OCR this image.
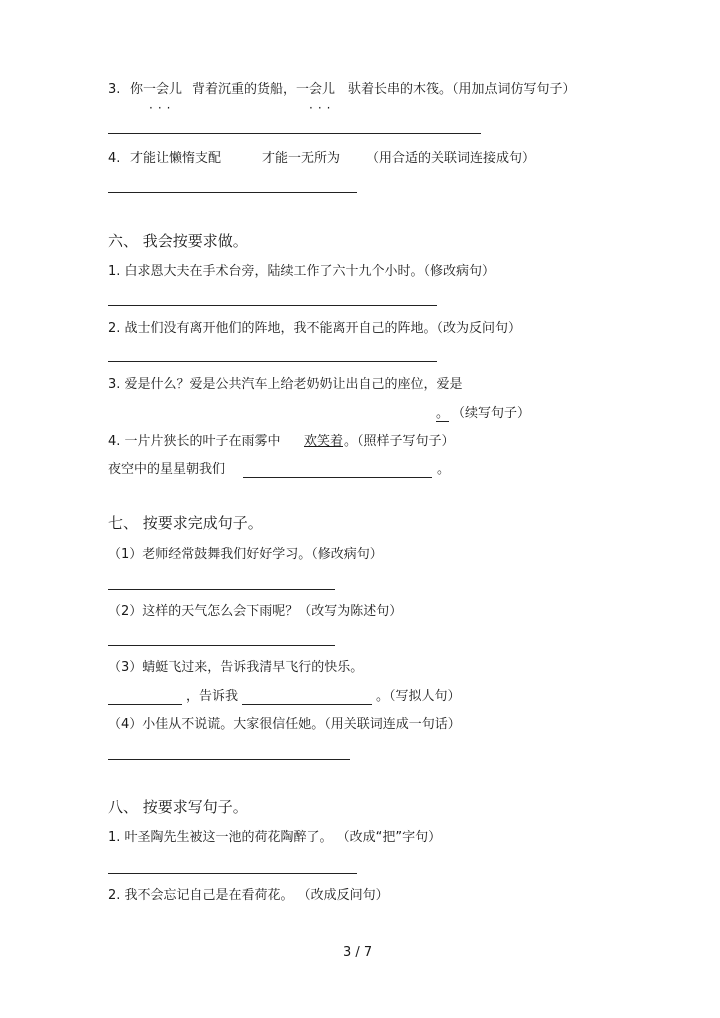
3. 你一会儿 背着沉重的货船，一会儿 驮着长串的木筏。（用加点词仿写句子）
···	···
4. 才能让懒惰支配	才能一无所为 （用合适的关联词连接成句）
六、 我会按要求做。
1. 白求恩大夫在手术台旁，陆续工作了六十九个小时。（修改病句）
2. 战士们没有离开他们的阵地，我不能离开自己的阵地。（改为反问句）
3. 爱是什么？爱是公共汽车上给老奶奶让出自己的座位，爱是
。 （续写句子）
4. 一片片狭长的叶子在雨雾中 欢笑着 。（照样子写句子）
夜空中的星星朝我们	。
七、 按要求完成句子。
（1）老师经常鼓舞我们好好学习。（修改病句）
（2）这样的天气怎么会下雨呢？（改写为陈述句）
（3）蜻蜓飞过来，告诉我清早飞行的快乐。
，告诉我	。（写拟人句）
（4）小佳从不说谎。大家很信任她。（用关联词连成一句话）
八、 按要求写句子。
1. 叶圣陶先生被这一池的荷花陶醉了。 （改成“把”字句）
2. 我不会忘记自己是在看荷花。 （改成反问句）
3 / 7
